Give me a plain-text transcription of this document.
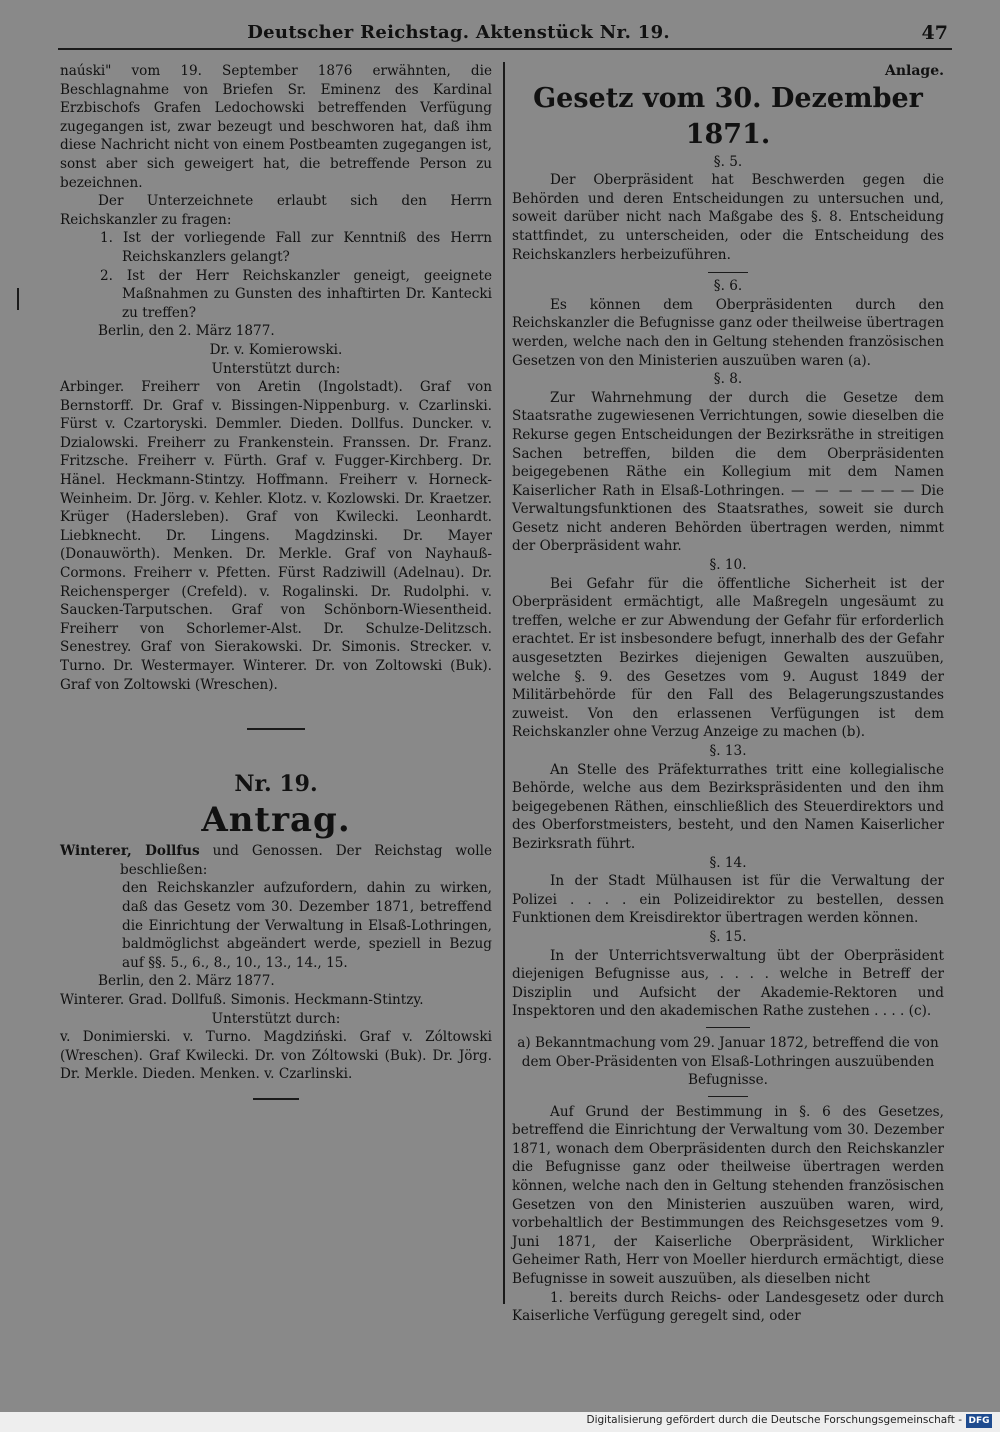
Deutscher Reichstag. Aktenstück Nr. 19.	47

naúski" vom 19. September 1876 erwähnten, die Beschlagnahme von Briefen Sr. Eminenz des Kardinal Erzbischofs Grafen Ledochowski betreffenden Verfügung zugegangen ist, zwar bezeugt und beschworen hat, daß ihm diese Nachricht nicht von einem Postbeamten zugegangen ist, sonst aber sich geweigert hat, die betreffende Person zu bezeichnen.

Der Unterzeichnete erlaubt sich den Herrn Reichskanzler zu fragen:

1. Ist der vorliegende Fall zur Kenntniß des Herrn Reichskanzlers gelangt?

2. Ist der Herr Reichskanzler geneigt, geeignete Maßnahmen zu Gunsten des inhaftirten Dr. Kantecki zu treffen?

Berlin, den 2. März 1877.

Dr. v. Komierowski.

Unterstützt durch:

Arbinger. Freiherr von Aretin (Ingolstadt). Graf von Bernstorff. Dr. Graf v. Bissingen-Nippenburg. v. Czarlinski. Fürst v. Czartoryski. Demmler. Dieden. Dollfus. Duncker. v. Dzialowski. Freiherr zu Frankenstein. Franssen. Dr. Franz. Fritzsche. Freiherr v. Fürth. Graf v. Fugger-Kirchberg. Dr. Hänel. Heckmann-Stintzy. Hoffmann. Freiherr v. Horneck-Weinheim. Dr. Jörg. v. Kehler. Klotz. v. Kozlowski. Dr. Kraetzer. Krüger (Hadersleben). Graf von Kwilecki. Leonhardt. Liebknecht. Dr. Lingens. Magdzinski. Dr. Mayer (Donauwörth). Menken. Dr. Merkle. Graf von Nayhauß-Cormons. Freiherr v. Pfetten. Fürst Radziwill (Adelnau). Dr. Reichensperger (Crefeld). v. Rogalinski. Dr. Rudolphi. v. Saucken-Tarputschen. Graf von Schönborn-Wiesentheid. Freiherr von Schorlemer-Alst. Dr. Schulze-Delitzsch. Senestrey. Graf von Sierakowski. Dr. Simonis. Strecker. v. Turno. Dr. Westermayer. Winterer. Dr. von Zoltowski (Buk). Graf von Zoltowski (Wreschen).

Nr. 19.

Antrag.

Winterer, Dollfus und Genossen. Der Reichstag wolle beschließen:

den Reichskanzler aufzufordern, dahin zu wirken, daß das Gesetz vom 30. Dezember 1871, betreffend die Einrichtung der Verwaltung in Elsaß-Lothringen, baldmöglichst abgeändert werde, speziell in Bezug auf §§. 5., 6., 8., 10., 13., 14., 15.

Berlin, den 2. März 1877.

Winterer. Grad. Dollfuß. Simonis. Heckmann-Stintzy.

Unterstützt durch:

v. Donimierski. v. Turno. Magdziński. Graf v. Zóltowski (Wreschen). Graf Kwilecki. Dr. von Zóltowski (Buk). Dr. Jörg. Dr. Merkle. Dieden. Menken. v. Czarlinski.

Anlage.

Gesetz vom 30. Dezember 1871.

§. 5.

Der Oberpräsident hat Beschwerden gegen die Behörden und deren Entscheidungen zu untersuchen und, soweit darüber nicht nach Maßgabe des §. 8. Entscheidung stattfindet, zu unterscheiden, oder die Entscheidung des Reichskanzlers herbeizuführen.

§. 6.

Es können dem Oberpräsidenten durch den Reichskanzler die Befugnisse ganz oder theilweise übertragen werden, welche nach den in Geltung stehenden französischen Gesetzen von den Ministerien auszuüben waren (a).

§. 8.

Zur Wahrnehmung der durch die Gesetze dem Staatsrathe zugewiesenen Verrichtungen, sowie dieselben die Rekurse gegen Entscheidungen der Bezirksräthe in streitigen Sachen betreffen, bilden die dem Oberpräsidenten beigegebenen Räthe ein Kollegium mit dem Namen Kaiserlicher Rath in Elsaß-Lothringen. — — — — — — Die Verwaltungsfunktionen des Staatsrathes, soweit sie durch Gesetz nicht anderen Behörden übertragen werden, nimmt der Oberpräsident wahr.

§. 10.

Bei Gefahr für die öffentliche Sicherheit ist der Oberpräsident ermächtigt, alle Maßregeln ungesäumt zu treffen, welche er zur Abwendung der Gefahr für erforderlich erachtet. Er ist insbesondere befugt, innerhalb des der Gefahr ausgesetzten Bezirkes diejenigen Gewalten auszuüben, welche §. 9. des Gesetzes vom 9. August 1849 der Militärbehörde für den Fall des Belagerungszustandes zuweist. Von den erlassenen Verfügungen ist dem Reichskanzler ohne Verzug Anzeige zu machen (b).

§. 13.

An Stelle des Präfekturrathes tritt eine kollegialische Behörde, welche aus dem Bezirkspräsidenten und den ihm beigegebenen Räthen, einschließlich des Steuerdirektors und des Oberforstmeisters, besteht, und den Namen Kaiserlicher Bezirksrath führt.

§. 14.

In der Stadt Mülhausen ist für die Verwaltung der Polizei . . . . ein Polizeidirektor zu bestellen, dessen Funktionen dem Kreisdirektor übertragen werden können.

§. 15.

In der Unterrichtsverwaltung übt der Oberpräsident diejenigen Befugnisse aus, . . . . welche in Betreff der Disziplin und Aufsicht der Akademie-Rektoren und Inspektoren und den akademischen Rathe zustehen . . . . (c).

a) Bekanntmachung vom 29. Januar 1872, betreffend die von dem Ober-Präsidenten von Elsaß-Lothringen auszuübenden Befugnisse.

Auf Grund der Bestimmung in §. 6 des Gesetzes, betreffend die Einrichtung der Verwaltung vom 30. Dezember 1871, wonach dem Oberpräsidenten durch den Reichskanzler die Befugnisse ganz oder theilweise übertragen werden können, welche nach den in Geltung stehenden französischen Gesetzen von den Ministerien auszuüben waren, wird, vorbehaltlich der Bestimmungen des Reichsgesetzes vom 9. Juni 1871, der Kaiserliche Oberpräsident, Wirklicher Geheimer Rath, Herr von Moeller hierdurch ermächtigt, diese Befugnisse in soweit auszuüben, als dieselben nicht

1. bereits durch Reichs- oder Landesgesetz oder durch Kaiserliche Verfügung geregelt sind, oder

Digitalisierung gefördert durch die Deutsche Forschungsgemeinschaft - DFG
